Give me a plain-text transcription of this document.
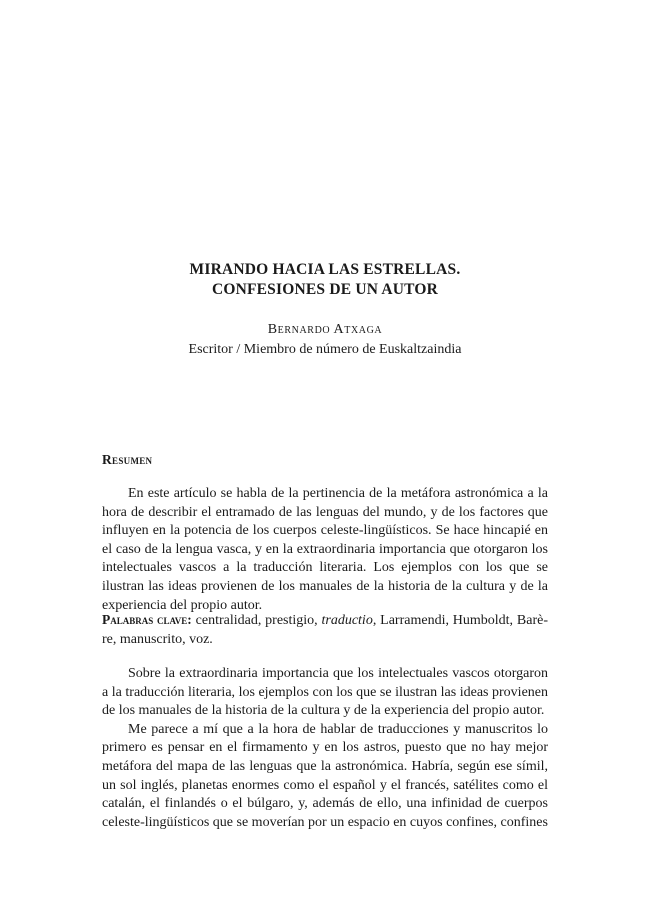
MIRANDO HACIA LAS ESTRELLAS.
CONFESIONES DE UN AUTOR
Bernardo Atxaga
Escritor / Miembro de número de Euskaltzaindia
Resumen

En este artículo se habla de la pertinencia de la metáfora astronómica a la hora de describir el entramado de las lenguas del mundo, y de los factores que influyen en la potencia de los cuerpos celeste-lingüísticos. Se hace hincapié en el caso de la lengua vasca, y en la extraordinaria importancia que otorgaron los intelectuales vascos a la traducción literaria. Los ejemplos con los que se ilustran las ideas provienen de los manuales de la historia de la cultura y de la experiencia del propio autor.

Palabras clave: centralidad, prestigio, traductio, Larramendi, Humboldt, Barère, manuscrito, voz.

Sobre la extraordinaria importancia que los intelectuales vascos otorgaron a la traducción literaria, los ejemplos con los que se ilustran las ideas provienen de los manuales de la historia de la cultura y de la experiencia del propio autor.

Me parece a mí que a la hora de hablar de traducciones y manuscritos lo primero es pensar en el firmamento y en los astros, puesto que no hay mejor metáfora del mapa de las lenguas que la astronómica. Habría, según ese símil, un sol inglés, planetas enormes como el español y el francés, satélites como el catalán, el finlandés o el búlgaro, y, además de ello, una infinidad de cuerpos celeste-lingüísticos que se moverían por un espacio en cuyos confines, confines
